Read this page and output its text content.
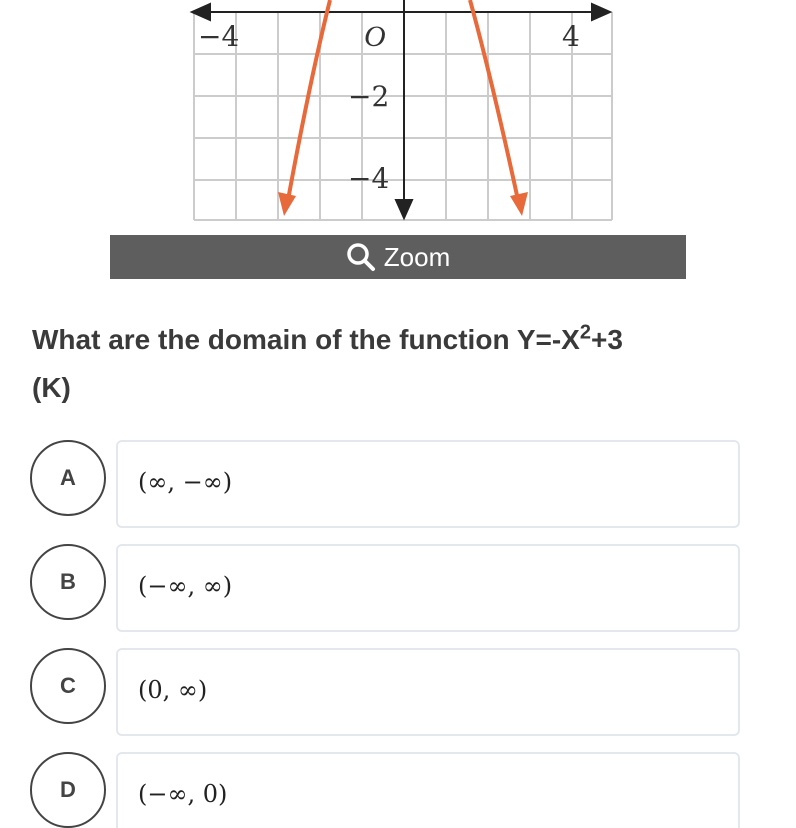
−4	4
O
−2
−4
Zoom
What are the domain of the function $Y=-X^2+3$
(K)
A	(∞, −∞)
B	(−∞, ∞)
C	(0, ∞)
D	(−∞, 0)
